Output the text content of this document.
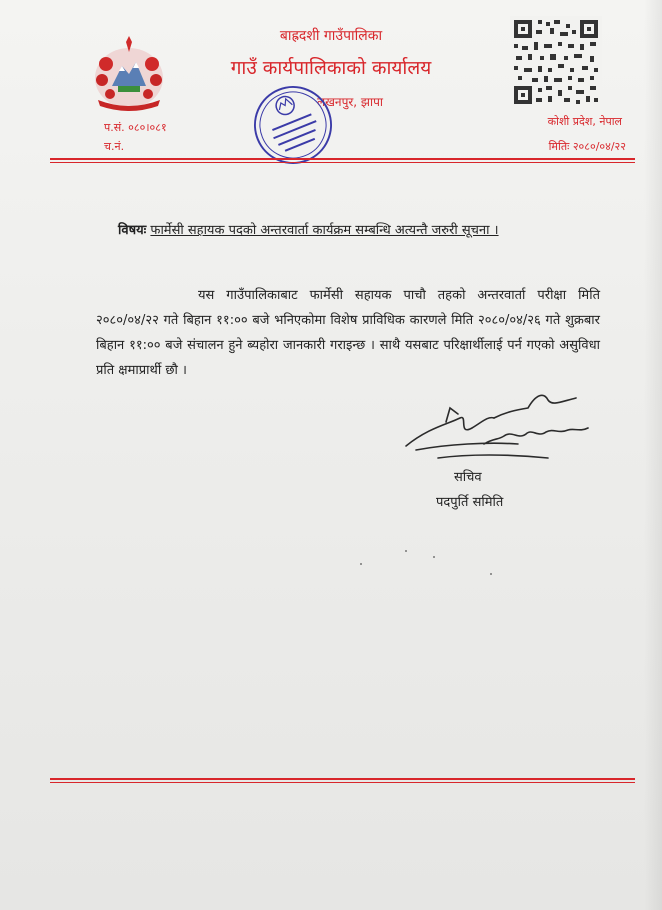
बाह्रदशी गाउँपालिका
गाउँ कार्यपालिकाको कार्यालय
लखनपुर, झापा
प.सं. ०८०।०८१
च.नं.
कोशी प्रदेश, नेपाल
मितिः २०८०/०४/२२
विषयः फार्मेसी सहायक पदको अन्तरवार्ता कार्यक्रम सम्बन्धि अत्यन्तै जरुरी सूचना ।
यस गाउँपालिकाबाट फार्मेसी सहायक पाचौ तहको अन्तरवार्ता परीक्षा मिति २०८०/०४/२२ गते बिहान ११:०० बजे भनिएकोमा विशेष प्राविधिक कारणले मिति २०८०/०४/२६ गते शुक्रबार बिहान ११:०० बजे संचालन हुने ब्यहोरा जानकारी गराइन्छ । साथै यसबाट परिक्षार्थीलाई पर्न गएको असुविधा प्रति क्षमाप्रार्थी छौ ।
सचिव
पदपुर्ति समिति
